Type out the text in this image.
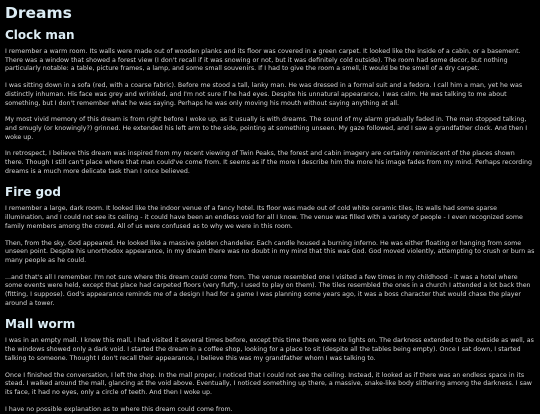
Dreams
Clock man

I remember a warm room. Its walls were made out of wooden planks and its floor was covered in a green carpet. It looked like the inside of a cabin, or a basement. There was a window that showed a forest view (I don't recall if it was snowing or not, but it was definitely cold outside). The room had some decor, but nothing particularly notable: a table, picture frames, a lamp, and some small souvenirs. If I had to give the room a smell, it would be the smell of a dry carpet.

I was sitting down in a sofa (red, with a coarse fabric). Before me stood a tall, lanky man. He was dressed in a formal suit and a fedora. I call him a man, yet he was distinctly inhuman. His face was grey and wrinkled, and I'm not sure if he had eyes. Despite his unnatural appearance, I was calm. He was talking to me about something, but I don't remember what he was saying. Perhaps he was only moving his mouth without saying anything at all.

My most vivid memory of this dream is from right before I woke up, as it usually is with dreams. The sound of my alarm gradually faded in. The man stopped talking, and smugly (or knowingly?) grinned. He extended his left arm to the side, pointing at something unseen. My gaze followed, and I saw a grandfather clock. And then I woke up.

In retrospect, I believe this dream was inspired from my recent viewing of Twin Peaks, the forest and cabin imagery are certainly reminiscent of the places shown there. Though I still can't place where that man could've come from. It seems as if the more I describe him the more his image fades from my mind. Perhaps recording dreams is a much more delicate task than I once believed.

Fire god

I remember a large, dark room. It looked like the indoor venue of a fancy hotel. Its floor was made out of cold white ceramic tiles, its walls had some sparse illumination, and I could not see its ceiling - it could have been an endless void for all I know. The venue was filled with a variety of people - I even recognized some family members among the crowd. All of us were confused as to why we were in this room.

Then, from the sky, God appeared. He looked like a massive golden chandelier. Each candle housed a burning inferno. He was either floating or hanging from some unseen point. Despite his unorthodox appearance, in my dream there was no doubt in my mind that this was God. God moved violently, attempting to crush or burn as many people as he could.

...and that's all I remember. I'm not sure where this dream could come from. The venue resembled one I visited a few times in my childhood - it was a hotel where some events were held, except that place had carpeted floors (very fluffy, I used to play on them). The tiles resembled the ones in a church I attended a lot back then (fitting, I suppose). God's appearance reminds me of a design I had for a game I was planning some years ago, it was a boss character that would chase the player around a tower.

Mall worm

I was in an empty mall. I knew this mall, I had visited it several times before, except this time there were no lights on. The darkness extended to the outside as well, as the windows showed only a dark void. I started the dream in a coffee shop, looking for a place to sit (despite all the tables being empty). Once I sat down, I started talking to someone. Thought I don't recall their appearance, I believe this was my grandfather whom I was talking to.

Once I finished the conversation, I left the shop. In the mall proper, I noticed that I could not see the ceiling. Instead, it looked as if there was an endless space in its stead. I walked around the mall, glancing at the void above. Eventually, I noticed something up there, a massive, snake-like body slithering among the darkness. I saw its face, it had no eyes, only a circle of teeth. And then I woke up.

I have no possible explanation as to where this dream could come from.
